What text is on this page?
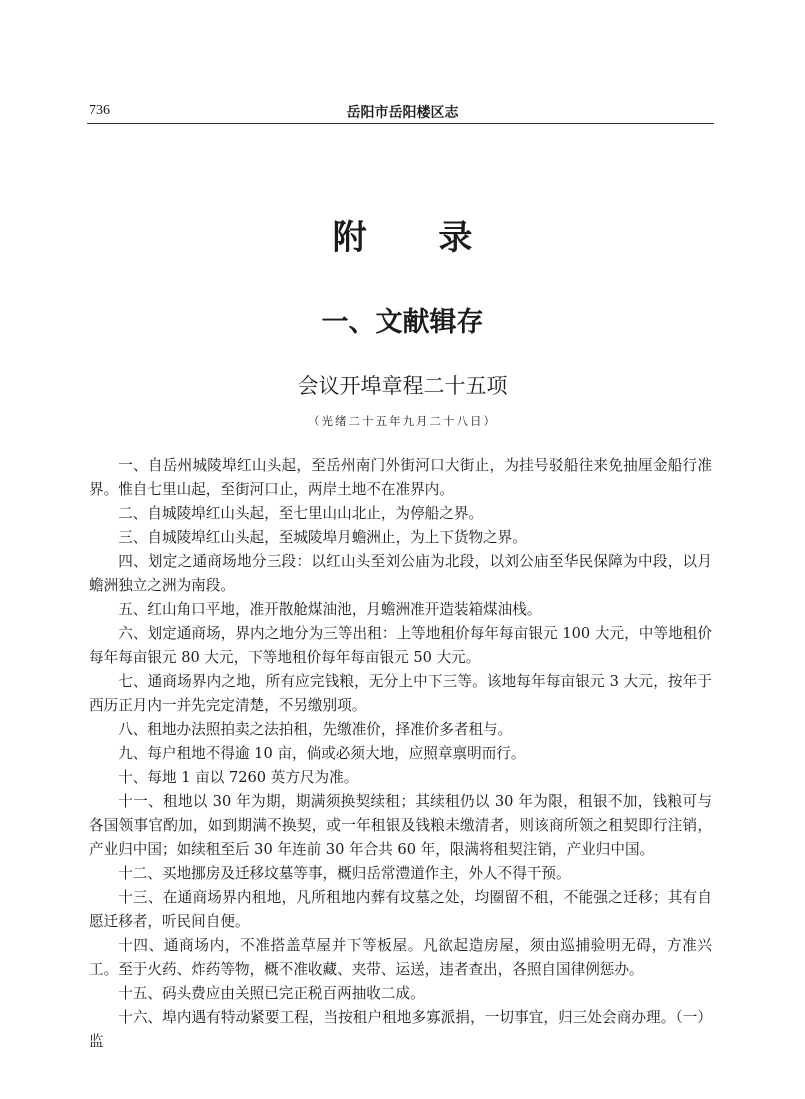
736	岳阳市岳阳楼区志
附 录
一、文献辑存
会议开埠章程二十五项
（光绪二十五年九月二十八日）

一、自岳州城陵埠红山头起，至岳州南门外街河口大街止，为挂号驳船往来免抽厘金船行准界。惟自七里山起，至街河口止，两岸土地不在准界内。

二、自城陵埠红山头起，至七里山山北止，为停船之界。

三、自城陵埠红山头起，至城陵埠月蟾洲止，为上下货物之界。

四、划定之通商场地分三段：以红山头至刘公庙为北段，以刘公庙至华民保障为中段，以月蟾洲独立之洲为南段。

五、红山角口平地，准开散舱煤油池，月蟾洲准开造装箱煤油栈。

六、划定通商场，界内之地分为三等出租：上等地租价每年每亩银元 100 大元，中等地租价每年每亩银元 80 大元，下等地租价每年每亩银元 50 大元。

七、通商场界内之地，所有应完钱粮，无分上中下三等。该地每年每亩银元 3 大元，按年于西历正月内一并先完定清楚，不另缴别项。

八、租地办法照拍卖之法拍租，先缴准价，择准价多者租与。

九、每户租地不得逾 10 亩，倘或必须大地，应照章禀明而行。

十、每地 1 亩以 7260 英方尺为准。

十一、租地以 30 年为期，期满须换契续租；其续租仍以 30 年为限，租银不加，钱粮可与各国领事官酌加，如到期满不换契，或一年租银及钱粮未缴清者，则该商所领之租契即行注销，产业归中国；如续租至后 30 年连前 30 年合共 60 年，限满将租契注销，产业归中国。

十二、买地挪房及迁移坟墓等事，概归岳常澧道作主，外人不得干预。

十三、在通商场界内租地，凡所租地内葬有坟墓之处，均圈留不租，不能强之迁移；其有自愿迁移者，听民间自便。

十四、通商场内，不准搭盖草屋并下等板屋。凡欲起造房屋，须由巡捕验明无碍，方准兴工。至于火药、炸药等物，概不准收藏、夹带、运送，违者查出，各照自国律例惩办。

十五、码头费应由关照已完正税百两抽收二成。

十六、埠内遇有特动紧要工程，当按租户租地多寡派捐，一切事宜，归三处会商办理。（一）监
